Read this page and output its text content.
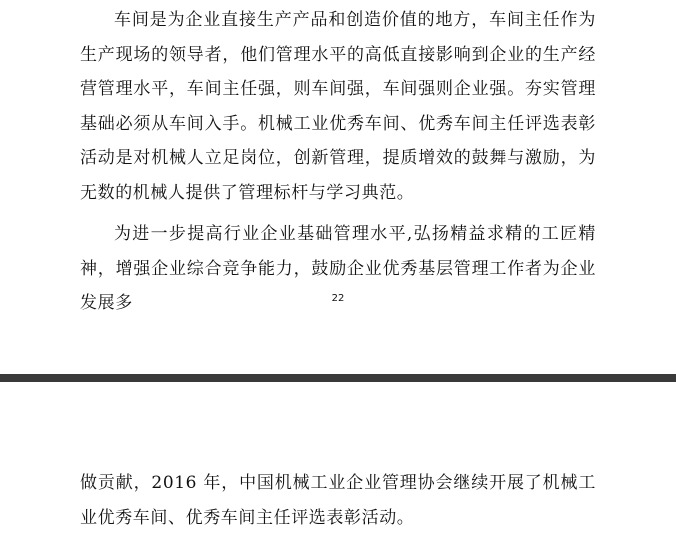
车间是为企业直接生产产品和创造价值的地方，车间主任作为生产现场的领导者，他们管理水平的高低直接影响到企业的生产经营管理水平，车间主任强，则车间强，车间强则企业强。夯实管理基础必须从车间入手。机械工业优秀车间、优秀车间主任评选表彰活动是对机械人立足岗位，创新管理，提质增效的鼓舞与激励，为无数的机械人提供了管理标杆与学习典范。

为进一步提高行业企业基础管理水平,弘扬精益求精的工匠精神，增强企业综合竞争能力，鼓励企业优秀基层管理工作者为企业发展多	22

做贡献，2016 年，中国机械工业企业管理协会继续开展了机械工业优秀车间、优秀车间主任评选表彰活动。
